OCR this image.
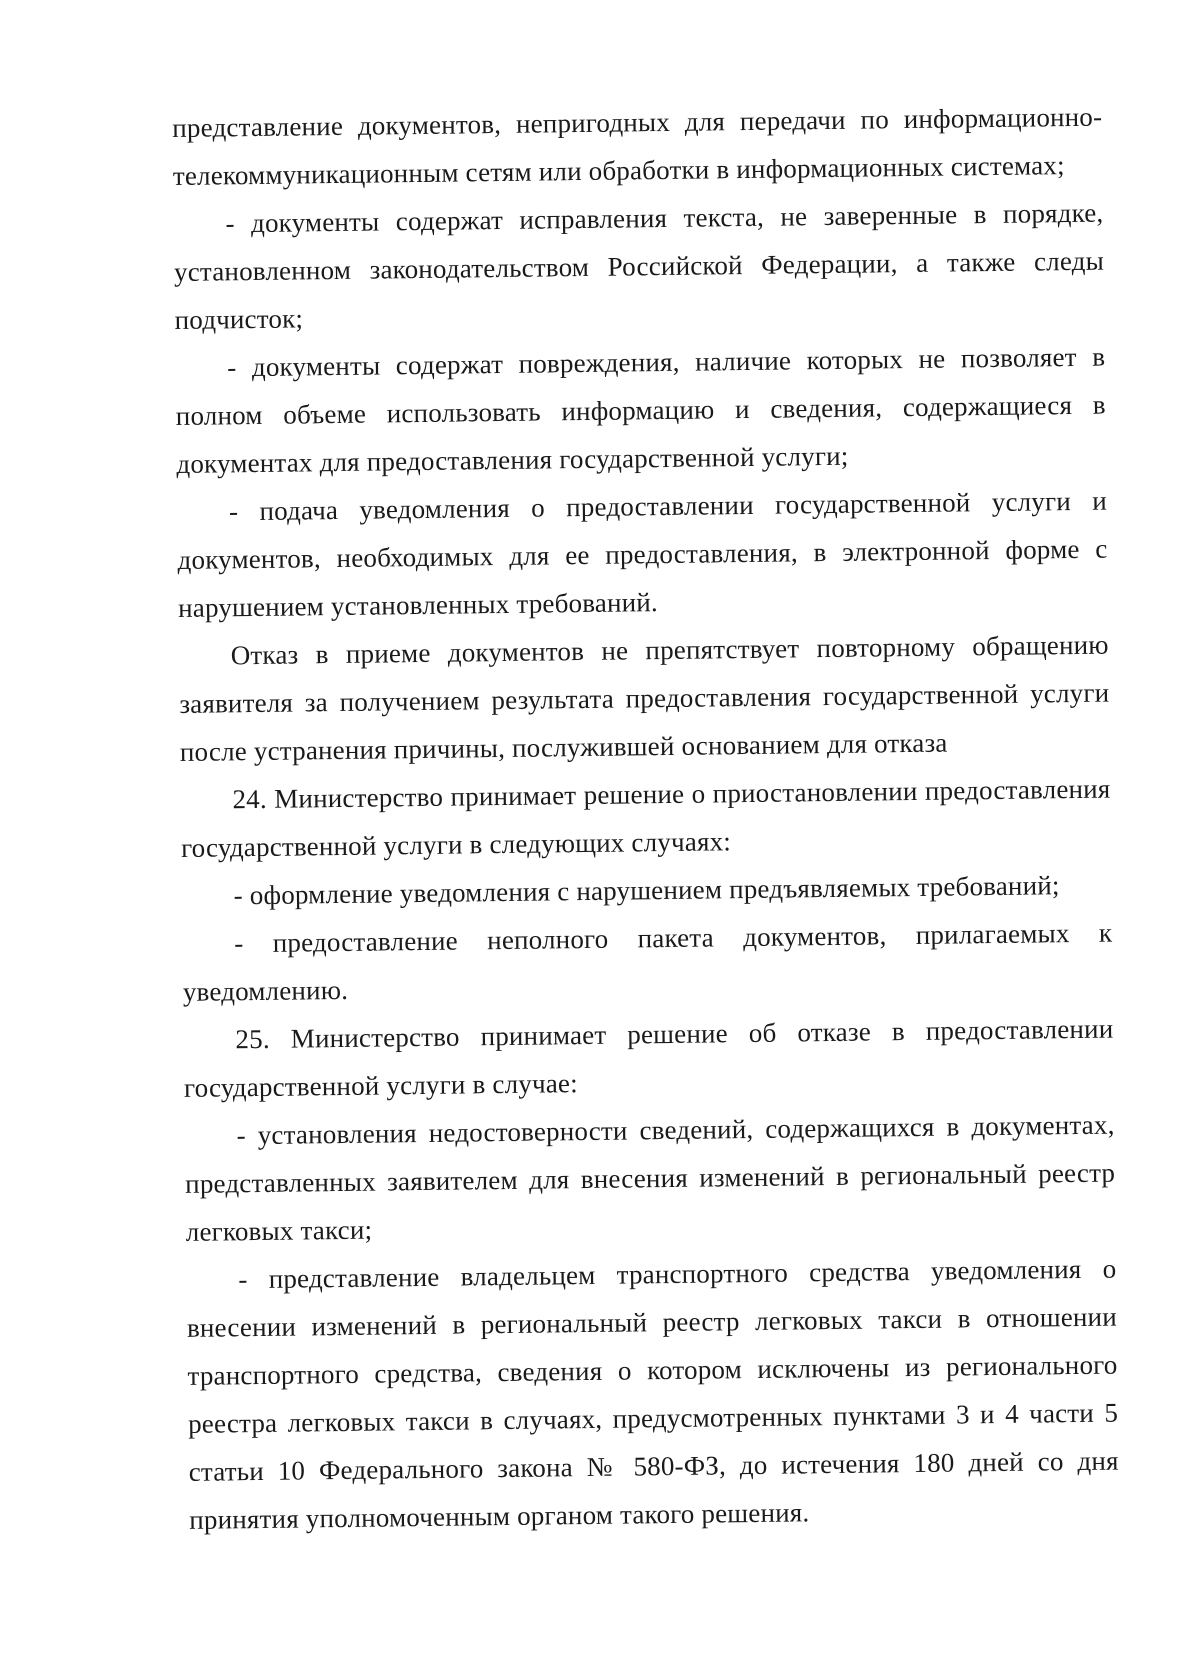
представление документов, непригодных для передачи по информационно-телекоммуникационным сетям или обработки в информационных системах;

- документы содержат исправления текста, не заверенные в порядке, установленном законодательством Российской Федерации, а также следы подчисток;

- документы содержат повреждения, наличие которых не позволяет в полном объеме использовать информацию и сведения, содержащиеся в документах для предоставления государственной услуги;

- подача уведомления о предоставлении государственной услуги и документов, необходимых для ее предоставления, в электронной форме с нарушением установленных требований.

Отказ в приеме документов не препятствует повторному обращению заявителя за получением результата предоставления государственной услуги после устранения причины, послужившей основанием для отказа

24. Министерство принимает решение о приостановлении предоставления государственной услуги в следующих случаях:

- оформление уведомления с нарушением предъявляемых требований;

- предоставление неполного пакета документов, прилагаемых к уведомлению.

25. Министерство принимает решение об отказе в предоставлении государственной услуги в случае:

- установления недостоверности сведений, содержащихся в документах, представленных заявителем для внесения изменений в региональный реестр легковых такси;

- представление владельцем транспортного средства уведомления о внесении изменений в региональный реестр легковых такси в отношении транспортного средства, сведения о котором исключены из регионального реестра легковых такси в случаях, предусмотренных пунктами 3 и 4 части 5 статьи 10 Федерального закона № 580-ФЗ, до истечения 180 дней со дня принятия уполномоченным органом такого решения.
